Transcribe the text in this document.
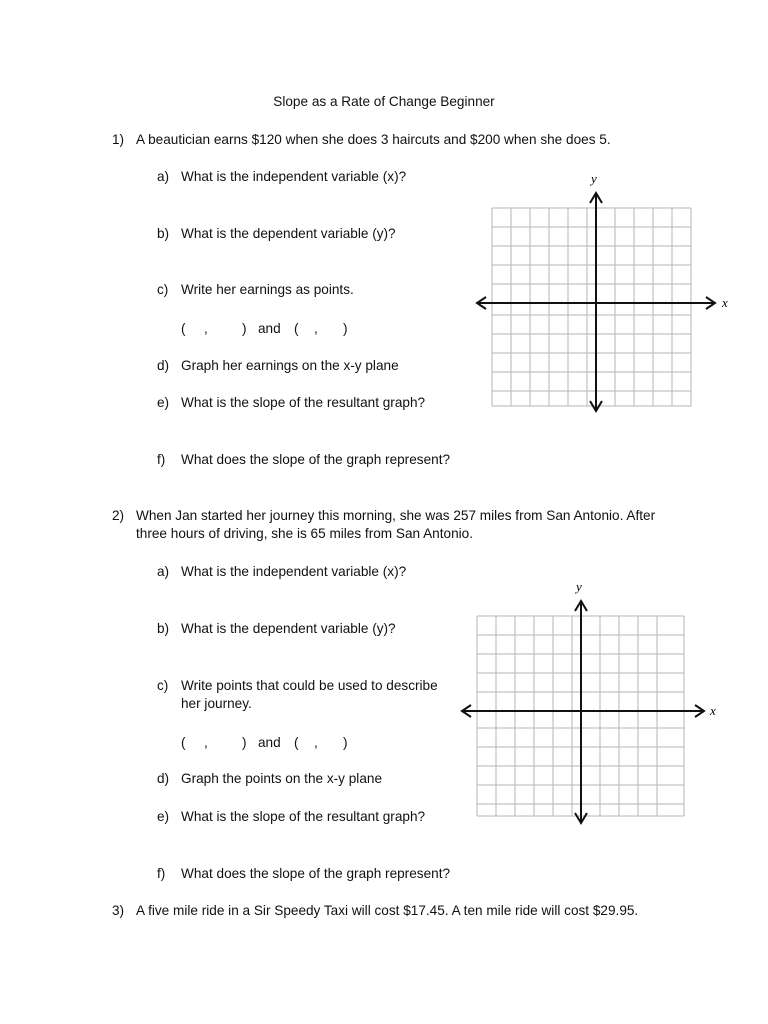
Slope as a Rate of Change Beginner
1) A beautician earns $120 when she does 3 haircuts and $200 when she does 5.
a) What is the independent variable (x)?
b) What is the dependent variable (y)?
c) Write her earnings as points.
( ,	) and ( , )
d) Graph her earnings on the x-y plane
e) What is the slope of the resultant graph?
f) What does the slope of the graph represent?
x
y
2) When Jan started her journey this morning, she was 257 miles from San Antonio. After
three hours of driving, she is 65 miles from San Antonio.
a) What is the independent variable (x)?
b) What is the dependent variable (y)?
c) Write points that could be used to describe
her journey.
( ,	) and ( , )
d) Graph the points on the x-y plane
e) What is the slope of the resultant graph?
f) What does the slope of the graph represent?
x
y
3) A five mile ride in a Sir Speedy Taxi will cost $17.45. A ten mile ride will cost $29.95.
